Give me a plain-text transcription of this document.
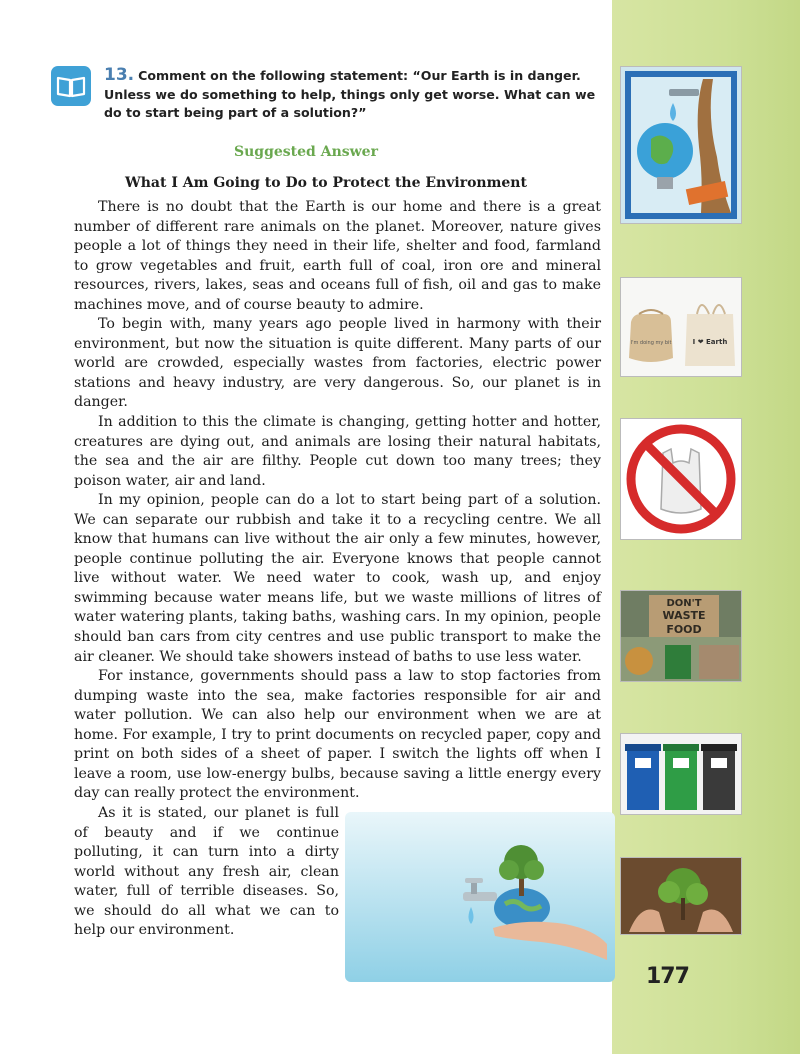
13. Comment on the following statement: “Our Earth is in danger. Unless we do something to help, things only get worse. What can we do to start being part of a solution?”
Suggested Answer
What I Am Going to Do to Protect the Environment

There is no doubt that the Earth is our home and there is a great number of different rare animals on the planet. Moreover, nature gives people a lot of things they need in their life, shelter and food, farmland to grow vegetables and fruit, earth full of coal, iron ore and mineral resources, rivers, lakes, seas and oceans full of fish, oil and gas to make machines move, and of course beauty to admire.

To begin with, many years ago people lived in harmony with their environment, but now the situation is quite different. Many parts of our world are crowded, especially wastes from factories, electric power stations and heavy industry, are very dangerous. So, our planet is in danger.

In addition to this the climate is changing, getting hotter and hotter, creatures are dying out, and animals are losing their natural habitats, the sea and the air are filthy. People cut down too many trees; they poison water, air and land.

In my opinion, people can do a lot to start being part of a solution. We can separate our rubbish and take it to a recycling centre. We all know that humans can live without the air only a few minutes, however, people continue polluting the air. Everyone knows that people cannot live without water. We need water to cook, wash up, and enjoy swimming because water means life, but we waste millions of litres of water watering plants, taking baths, washing cars. In my opinion, people should ban cars from city centres and use public transport to make the air cleaner. We should take showers instead of baths to use less water.

For instance, governments should pass a law to stop factories from dumping waste into the sea, make factories responsible for air and water pollution. We can also help our environment when we are at home. For example, I try to print documents on recycled paper, copy and print on both sides of a sheet of paper. I switch the lights off when I leave a room, use low-energy bulbs, because saving a little energy every day can really protect the environment.

As it is stated, our planet is full of beauty and if we continue polluting, it can turn into a dirty world without any fresh air, clean water, full of terrible diseases. So, we should do all what we can to help our environment.

I'm doing my bit	I ❤ Earth
DON'T
WASTE
FOOD
177
